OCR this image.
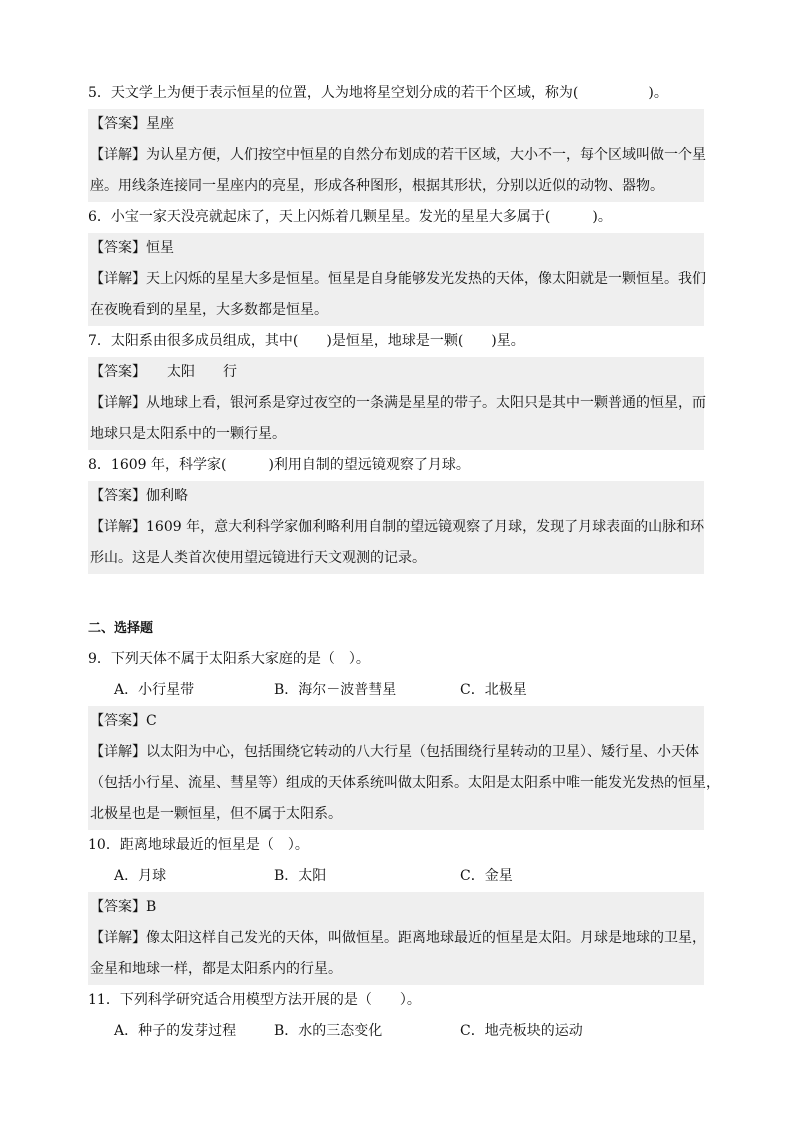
5．天文学上为便于表示恒星的位置，人为地将星空划分成的若干个区域，称为(　　　　　)。
【答案】星座
【详解】为认星方便，人们按空中恒星的自然分布划成的若干区域，大小不一，每个区域叫做一个星
座。用线条连接同一星座内的亮星，形成各种图形，根据其形状，分别以近似的动物、器物。
6．小宝一家天没亮就起床了，天上闪烁着几颗星星。发光的星星大多属于(　　　)。
【答案】恒星
【详解】天上闪烁的星星大多是恒星。恒星是自身能够发光发热的天体，像太阳就是一颗恒星。我们
在夜晚看到的星星，大多数都是恒星。
7．太阳系由很多成员组成，其中(　　)是恒星，地球是一颗(　　)星。
【答案】　　太阳　　行
【详解】从地球上看，银河系是穿过夜空的一条满是星星的带子。太阳只是其中一颗普通的恒星，而
地球只是太阳系中的一颗行星。
8．1609 年，科学家(　　　)利用自制的望远镜观察了月球。
【答案】伽利略
【详解】1609 年，意大利科学家伽利略利用自制的望远镜观察了月球，发现了月球表面的山脉和环
形山。这是人类首次使用望远镜进行天文观测的记录。
二、选择题
9．下列天体不属于太阳系大家庭的是（　）。
A．小行星带	B．海尔－波普彗星	C．北极星
【答案】C
【详解】以太阳为中心，包括围绕它转动的八大行星（包括围绕行星转动的卫星）、矮行星、小天体
（包括小行星、流星、彗星等）组成的天体系统叫做太阳系。太阳是太阳系中唯一能发光发热的恒星，
北极星也是一颗恒星，但不属于太阳系。
10．距离地球最近的恒星是（　）。
A．月球	B．太阳	C．金星
【答案】B
【详解】像太阳这样自己发光的天体，叫做恒星。距离地球最近的恒星是太阳。月球是地球的卫星，
金星和地球一样，都是太阳系内的行星。
11．下列科学研究适合用模型方法开展的是（　　）。
A．种子的发芽过程	B．水的三态变化	C．地壳板块的运动
